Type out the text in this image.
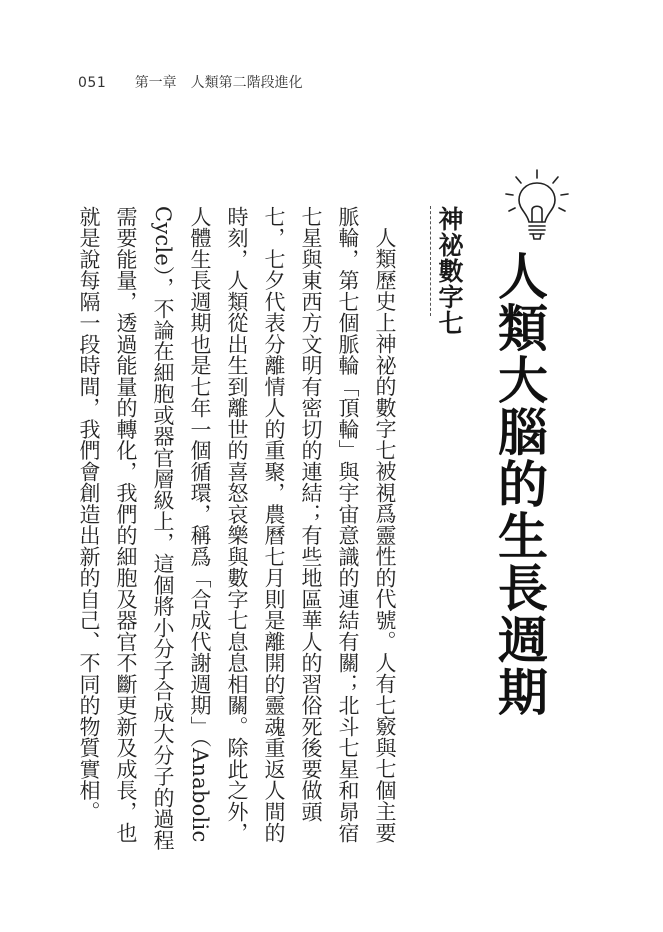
051 第一章　人類第二階段進化
人類大腦的生長週期
神祕數字七

人類歷史上神祕的數字七被視爲靈性的代號。人有七竅與七個主要脈輪，第七個脈輪「頂輪」與宇宙意識的連結有關；北斗七星和昴宿七星與東西方文明有密切的連結；有些地區華人的習俗死後要做頭七，七夕代表分離情人的重聚，農曆七月則是離開的靈魂重返人間的時刻，人類從出生到離世的喜怒哀樂與數字七息息相關。除此之外，人體生長週期也是七年一個循環，稱爲「合成代謝週期」（Anabolic Cycle），不論在細胞或器官層級上，這個將小分子合成大分子的過程需要能量，透過能量的轉化，我們的細胞及器官不斷更新及成長，也就是說每隔一段時間，我們會創造出新的自己、不同的物質實相。
